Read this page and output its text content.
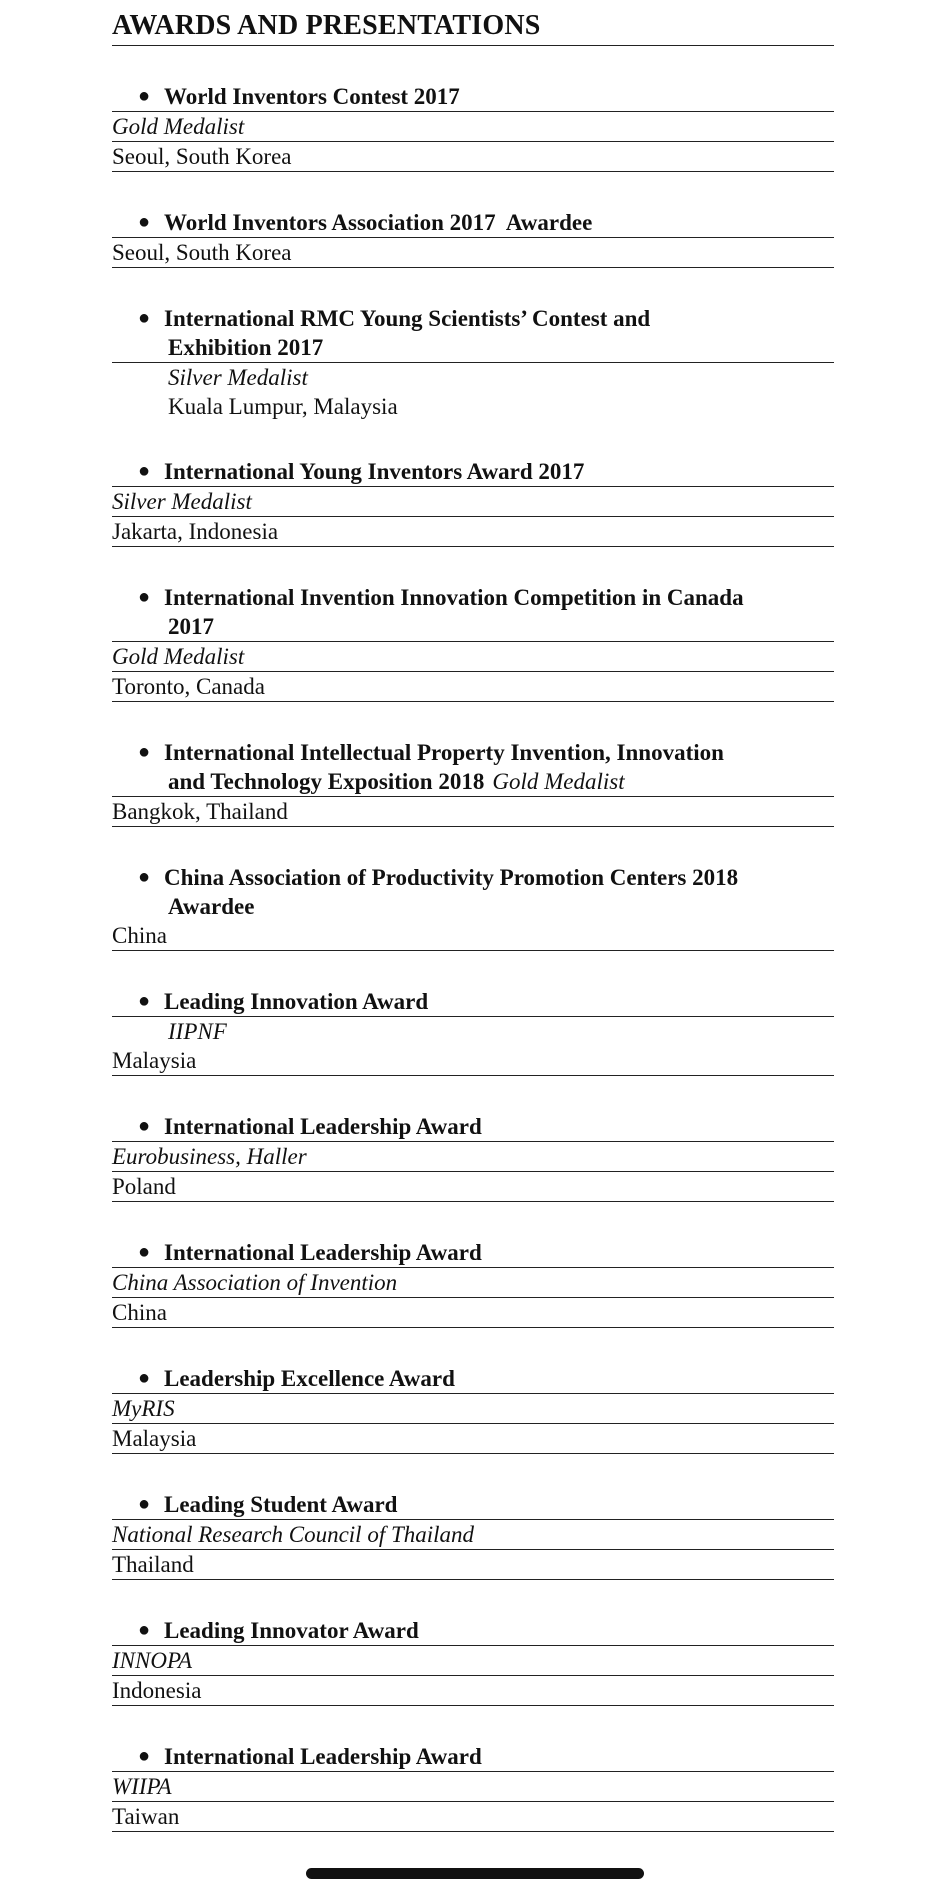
AWARDS AND PRESENTATIONS
● World Inventors Contest 2017
Gold Medalist
Seoul, South Korea
● World Inventors Association 2017  Awardee
Seoul, South Korea
● International RMC Young Scientists’ Contest and
Exhibition 2017
Silver Medalist
Kuala Lumpur, Malaysia
● International Young Inventors Award 2017
Silver Medalist
Jakarta, Indonesia
● International Invention Innovation Competition in Canada
2017
Gold Medalist
Toronto, Canada
● International Intellectual Property Invention, Innovation
and Technology Exposition 2018 Gold Medalist
Bangkok, Thailand
● China Association of Productivity Promotion Centers 2018
Awardee
China
● Leading Innovation Award
IIPNF
Malaysia
● International Leadership Award
Eurobusiness, Haller
Poland
● International Leadership Award
China Association of Invention
China
● Leadership Excellence Award
MyRIS
Malaysia
● Leading Student Award
National Research Council of Thailand
Thailand
● Leading Innovator Award
INNOPA
Indonesia
● International Leadership Award
WIIPA
Taiwan
